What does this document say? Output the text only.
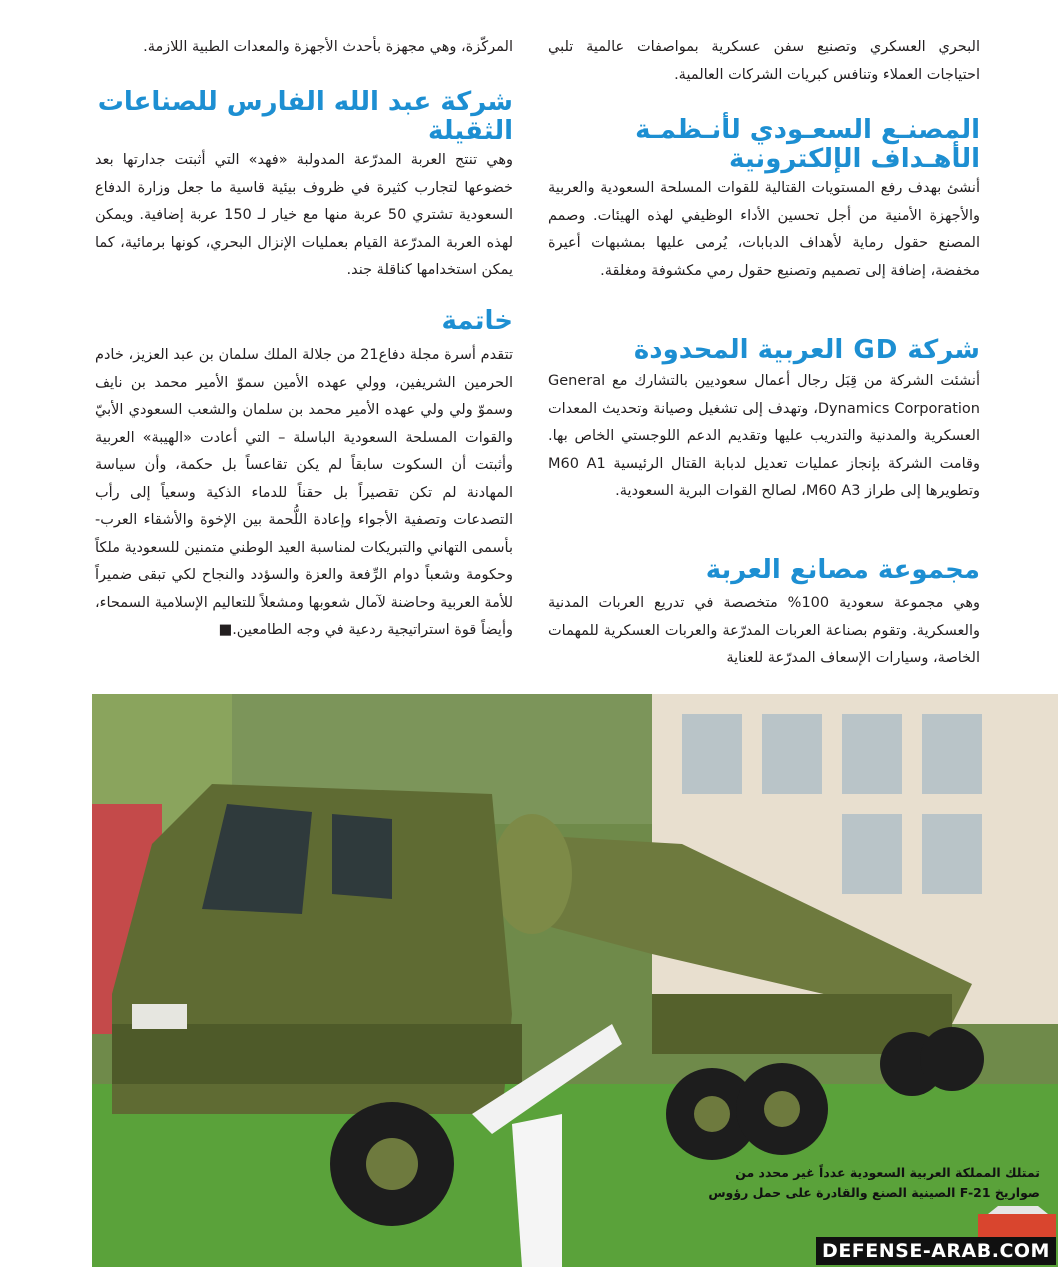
البحري العسكري وتصنيع سفن عسكرية بمواصفات عالمية تلبي احتياجات العملاء وتنافس كبريات الشركات العالمية.

المصنـع السعـودي لأنـظمـة الأهـداف الإلكترونية

أنشئ بهدف رفع المستويات القتالية للقوات المسلحة السعودية والعربية والأجهزة الأمنية من أجل تحسين الأداء الوظيفي لهذه الهيئات. وصمم المصنع حقول رماية لأهداف الدبابات، يُرمى عليها بمشبهات أعيرة مخفضة، إضافة إلى تصميم وتصنيع حقول رمي مكشوفة ومغلقة.

شركة GD العربية المحدودة

أنشئت الشركة من قِبَل رجال أعمال سعوديين بالتشارك مع General Dynamics Corporation، وتهدف إلى تشغيل وصيانة وتحديث المعدات العسكرية والمدنية والتدريب عليها وتقديم الدعم اللوجستي الخاص بها. وقامت الشركة بإنجاز عمليات تعديل لدبابة القتال الرئيسية M60 A1 وتطويرها إلى طراز M60 A3، لصالح القوات البرية السعودية.

مجموعة مصانع العربة

وهي مجموعة سعودية 100% متخصصة في تدريع العربات المدنية والعسكرية. وتقوم بصناعة العربات المدرّعة والعربات العسكرية للمهمات الخاصة، وسيارات الإسعاف المدرّعة للعناية

المركّزة، وهي مجهزة بأحدث الأجهزة والمعدات الطبية اللازمة.

شركة عبد الله الفارس للصناعات الثقيلة

وهي تنتج العربة المدرّعة المدولبة «فهد» التي أثبتت جدارتها بعد خضوعها لتجارب كثيرة في ظروف بيئية قاسية ما جعل وزارة الدفاع السعودية تشتري 50 عربة منها مع خيار لـ 150 عربة إضافية. ويمكن لهذه العربة المدرّعة القيام بعمليات الإنزال البحري، كونها برمائية، كما يمكن استخدامها كناقلة جند.

خاتمة

تتقدم أسرة مجلة دفاع21 من جلالة الملك سلمان بن عبد العزيز، خادم الحرمين الشريفين، وولي عهده الأمين سموّ الأمير محمد بن نايف وسموّ ولي ولي عهده الأمير محمد بن سلمان والشعب السعودي الأبيّ والقوات المسلحة السعودية الباسلة – التي أعادت «الهيبة» العربية وأثبتت أن السكوت سابقاً لم يكن تقاعساً بل حكمة، وأن سياسة المهادنة لم تكن تقصيراً بل حقناً للدماء الذكية وسعياً إلى رأب التصدعات وتصفية الأجواء وإعادة اللُّحمة بين الإخوة والأشقاء العرب- بأسمى التهاني والتبريكات لمناسبة العيد الوطني متمنين للسعودية ملكاً وحكومة وشعباً دوام الرِّفعة والعزة والسؤدد والنجاح لكي تبقى ضميراً للأمة العربية وحاضنة لآمال شعوبها ومشعلاً للتعاليم الإسلامية السمحاء، وأيضاً قوة استراتيجية ردعية في وجه الطامعين.■

تمتلك المملكة العربية السعودية عدداً غير محدد من صواريخ F-21 الصينية الصنع والقادرة على حمل رؤوس
DEFENSE-ARAB.COM
